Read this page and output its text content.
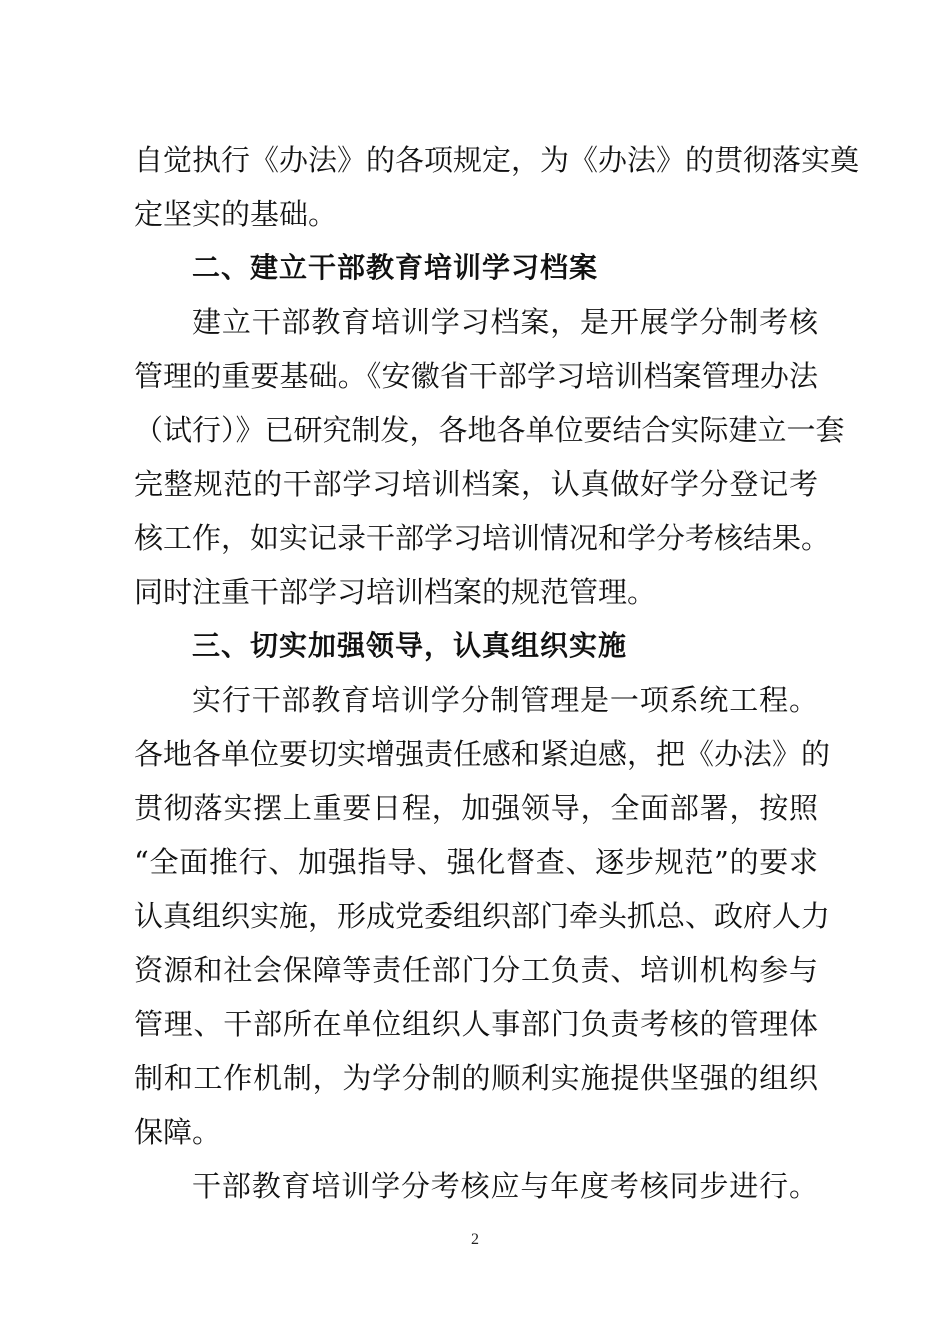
自觉执行《办法》的各项规定，为《办法》的贯彻落实奠
定坚实的基础。
二、建立干部教育培训学习档案
建立干部教育培训学习档案，是开展学分制考核
管理的重要基础。《安徽省干部学习培训档案管理办法
（试行）》已研究制发，各地各单位要结合实际建立一套
完整规范的干部学习培训档案，认真做好学分登记考
核工作，如实记录干部学习培训情况和学分考核结果。
同时注重干部学习培训档案的规范管理。
三、切实加强领导，认真组织实施
实行干部教育培训学分制管理是一项系统工程。
各地各单位要切实增强责任感和紧迫感，把《办法》的
贯彻落实摆上重要日程，加强领导，全面部署，按照
“全面推行、加强指导、强化督查、逐步规范”的要求
认真组织实施，形成党委组织部门牵头抓总、政府人力
资源和社会保障等责任部门分工负责、培训机构参与
管理、干部所在单位组织人事部门负责考核的管理体
制和工作机制，为学分制的顺利实施提供坚强的组织
保障。
干部教育培训学分考核应与年度考核同步进行。
2
